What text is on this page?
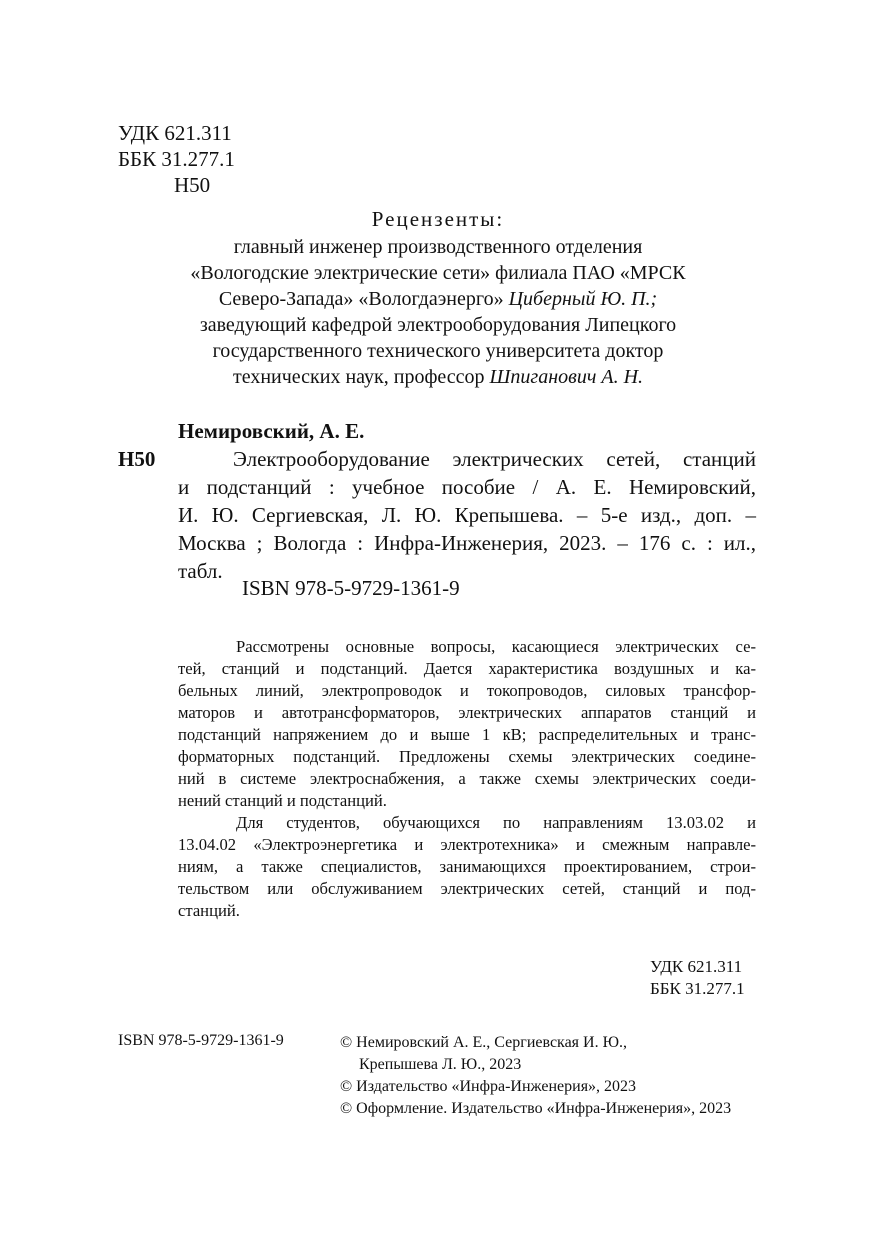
УДК 621.311
ББК 31.277.1
Н50
Рецензенты:
главный инженер производственного отделения
«Вологодские электрические сети» филиала ПАО «МРСК
Северо-Запада» «Вологдаэнерго» Циберный Ю. П.;
заведующий кафедрой электрооборудования Липецкого
государственного технического университета доктор
технических наук, профессор Шпиганович А. Н.
Немировский, А. Е.
Н50	Электрооборудование электрических сетей, станций
и подстанций : учебное пособие / А. Е. Немировский,
И. Ю. Сергиевская, Л. Ю. Крепышева. – 5-е изд., доп. –
Москва ; Вологда : Инфра-Инженерия, 2023. – 176 с. : ил.,
табл.
ISBN 978-5-9729-1361-9
Рассмотрены основные вопросы, касающиеся электрических се-
тей, станций и подстанций. Дается характеристика воздушных и ка-
бельных линий, электропроводок и токопроводов, силовых трансфор-
маторов и автотрансформаторов, электрических аппаратов станций и
подстанций напряжением до и выше 1 кВ; распределительных и транс-
форматорных подстанций. Предложены схемы электрических соедине-
ний в системе электроснабжения, а также схемы электрических соеди-
нений станций и подстанций.
Для студентов, обучающихся по направлениям 13.03.02 и
13.04.02 «Электроэнергетика и электротехника» и смежным направле-
ниям, а также специалистов, занимающихся проектированием, строи-
тельством или обслуживанием электрических сетей, станций и под-
станций.
УДК 621.311
ББК 31.277.1
ISBN 978-5-9729-1361-9	© Немировский А. Е., Сергиевская И. Ю.,
Крепышева Л. Ю., 2023
© Издательство «Инфра-Инженерия», 2023
© Оформление. Издательство «Инфра-Инженерия», 2023
